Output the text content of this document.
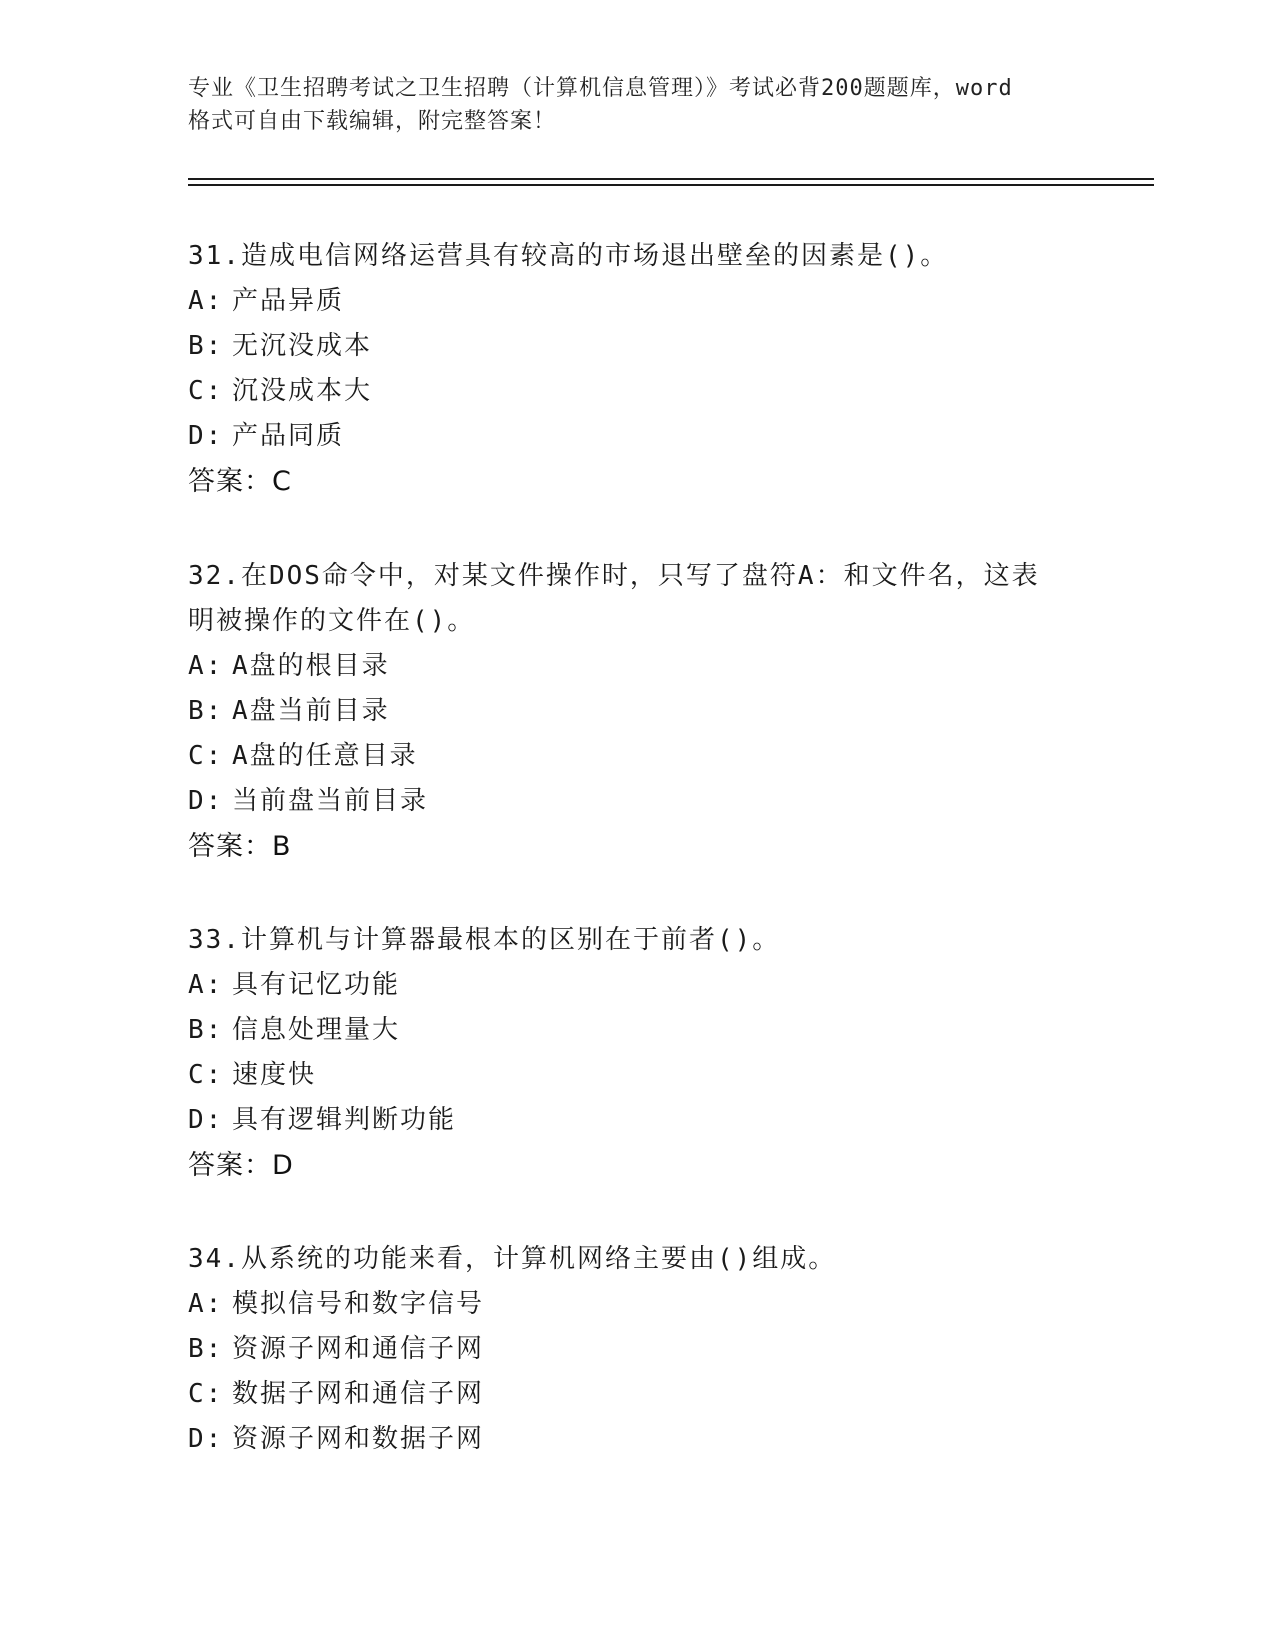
专业《卫生招聘考试之卫生招聘（计算机信息管理）》考试必背200题题库，word
格式可自由下载编辑，附完整答案！
31.造成电信网络运营具有较高的市场退出壁垒的因素是()。
A: 产品异质
B: 无沉没成本
C: 沉没成本大
D: 产品同质
答案：C
32.在DOS命令中，对某文件操作时，只写了盘符A：和文件名，这表
明被操作的文件在()。
A: A盘的根目录
B: A盘当前目录
C: A盘的任意目录
D: 当前盘当前目录
答案：B
33.计算机与计算器最根本的区别在于前者()。
A: 具有记忆功能
B: 信息处理量大
C: 速度快
D: 具有逻辑判断功能
答案：D
34.从系统的功能来看，计算机网络主要由()组成。
A: 模拟信号和数字信号
B: 资源子网和通信子网
C: 数据子网和通信子网
D: 资源子网和数据子网
